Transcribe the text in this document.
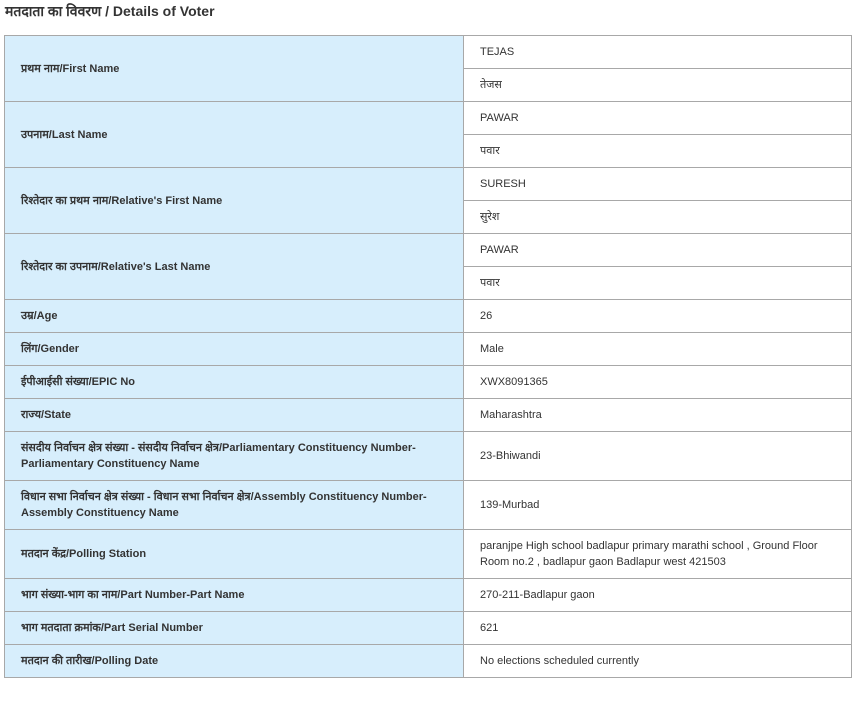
मतदाता का विवरण / Details of Voter
प्रथम नाम/First Name	TEJAS
	तेजस
उपनाम/Last Name	PAWAR
	पवार
रिश्तेदार का प्रथम नाम/Relative's First Name	SURESH
	सुरेश
रिश्तेदार का उपनाम/Relative's Last Name	PAWAR
	पवार
उम्र/Age	26
लिंग/Gender	Male
ईपीआईसी संख्या/EPIC No	XWX8091365
राज्य/State	Maharashtra
संसदीय निर्वाचन क्षेत्र संख्या - संसदीय निर्वाचन क्षेत्र/Parliamentary Constituency Number-Parliamentary Constituency Name	23-Bhiwandi
विधान सभा निर्वाचन क्षेत्र संख्या - विधान सभा निर्वाचन क्षेत्र/Assembly Constituency Number-Assembly Constituency Name	139-Murbad
मतदान केंद्र/Polling Station	paranjpe High school badlapur primary marathi school , Ground Floor Room no.2 , badlapur gaon Badlapur west 421503
भाग संख्या-भाग का नाम/Part Number-Part Name	270-211-Badlapur gaon
भाग मतदाता क्रमांक/Part Serial Number	621
मतदान की तारीख/Polling Date	No elections scheduled currently
